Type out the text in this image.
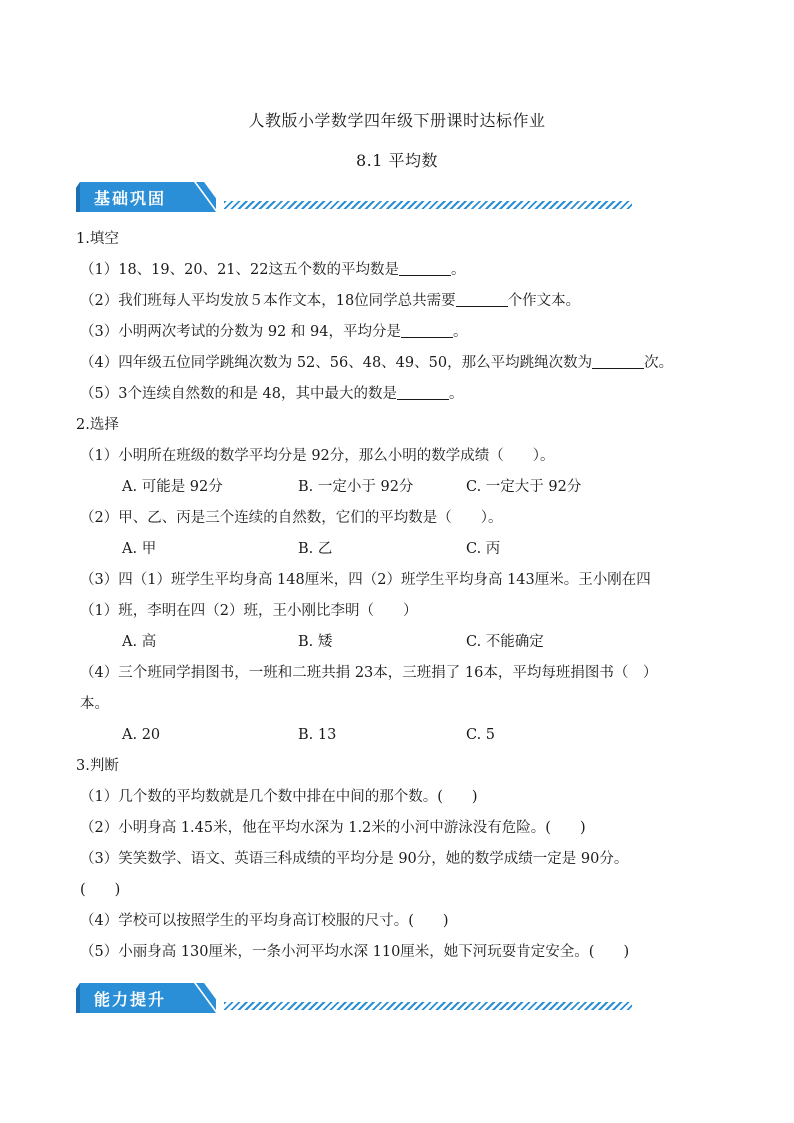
人教版小学数学四年级下册课时达标作业
8.1 平均数
基础巩固
1.填空
（1）18、19、20、21、22这五个数的平均数是	。
（2）我们班每人平均发放５本作文本，18位同学总共需要	个作文本。
（3）小明两次考试的分数为 92 和 94，平均分是	。
（4）四年级五位同学跳绳次数为 52、56、48、49、50，那么平均跳绳次数为	次。
（5）3个连续自然数的和是 48，其中最大的数是	。
2.选择
（1）小明所在班级的数学平均分是 92分，那么小明的数学成绩（　　）。
A. 可能是 92分	B. 一定小于 92分	C. 一定大于 92分
（2）甲、乙、丙是三个连续的自然数，它们的平均数是（　　）。
A. 甲	B. 乙	C. 丙
（3）四（1）班学生平均身高 148厘米，四（2）班学生平均身高 143厘米。王小刚在四
（1）班，李明在四（2）班，王小刚比李明（　　）
A. 高	B. 矮	C. 不能确定
（4）三个班同学捐图书，一班和二班共捐 23本，三班捐了 16本，平均每班捐图书（　）
本。
A. 20	B. 13	C. 5
3.判断
（1）几个数的平均数就是几个数中排在中间的那个数。(　　)
（2）小明身高 1.45米，他在平均水深为 1.2米的小河中游泳没有危险。(　　)
（3）笑笑数学、语文、英语三科成绩的平均分是 90分，她的数学成绩一定是 90分。
(　　)
（4）学校可以按照学生的平均身高订校服的尺寸。(　　)
（5）小丽身高 130厘米，一条小河平均水深 110厘米，她下河玩耍肯定安全。(　　)
能力提升
